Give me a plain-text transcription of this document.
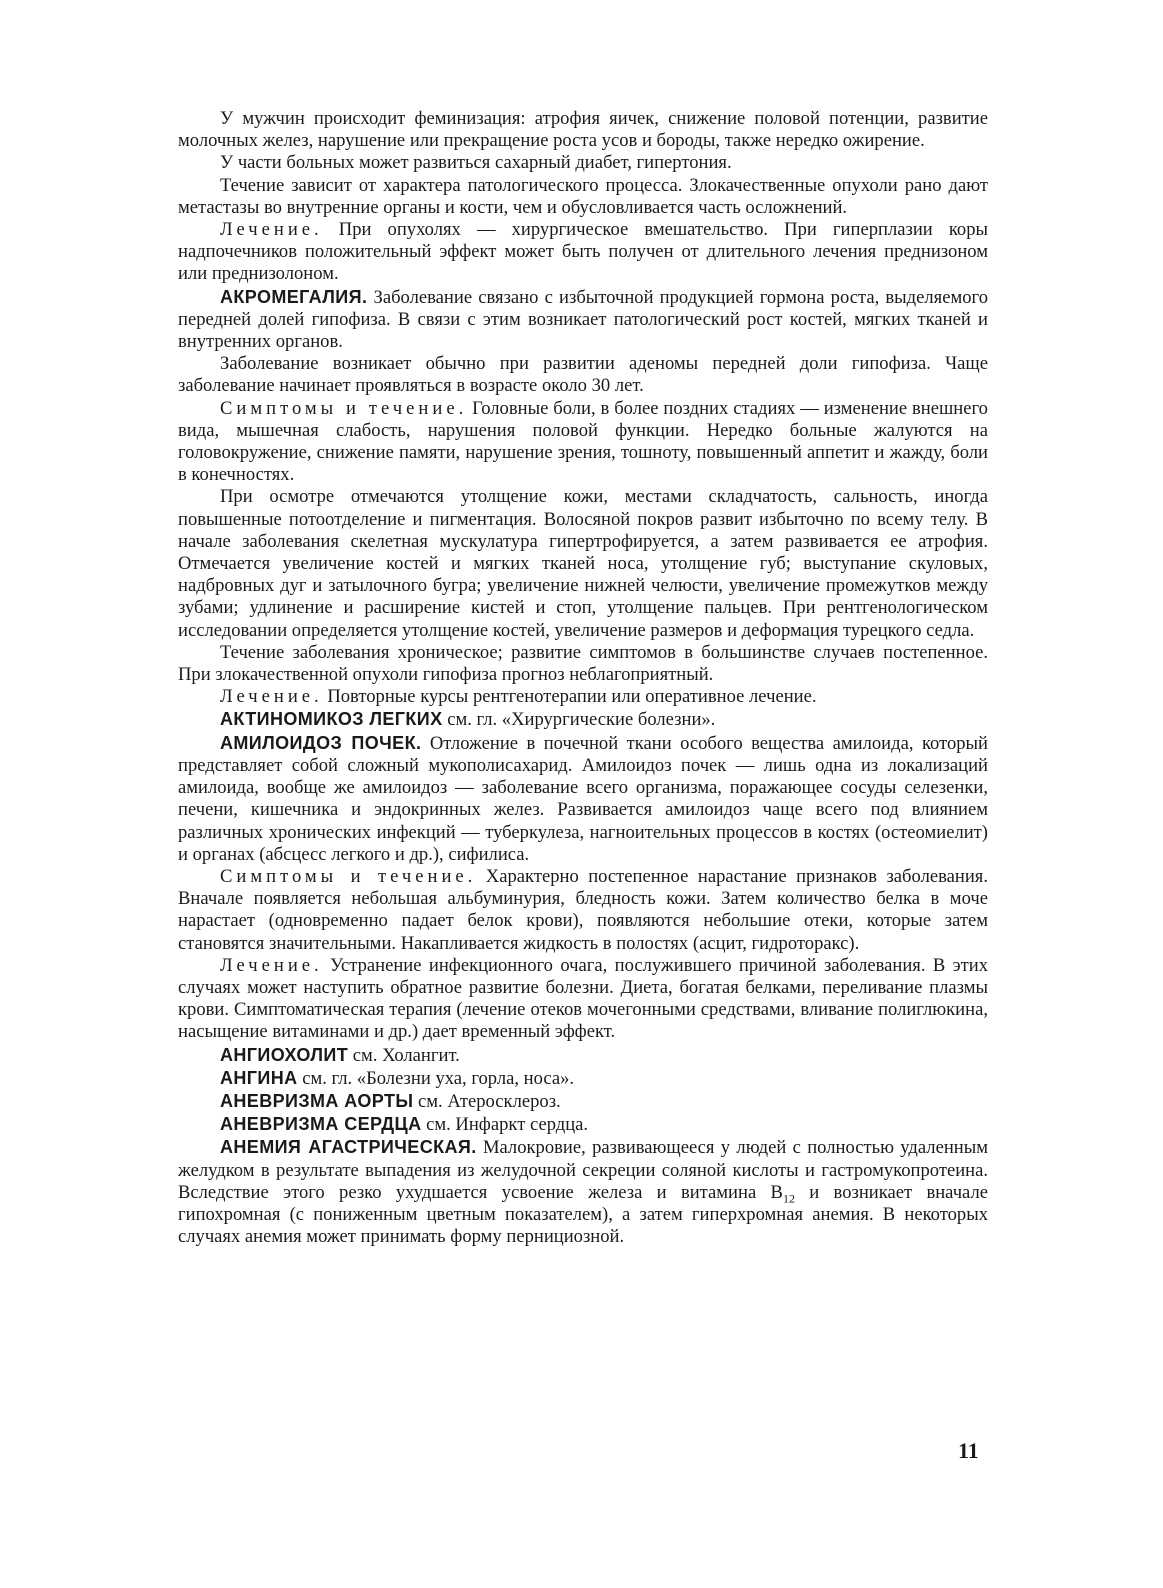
У мужчин происходит феминизация: атрофия яичек, снижение половой потенции, развитие молочных желез, нарушение или прекращение роста усов и бороды, также нередко ожирение.

У части больных может развиться сахарный диабет, гипертония.

Течение зависит от характера патологического процесса. Злокачественные опухоли рано дают метастазы во внутренние органы и кости, чем и обусловливается часть осложнений.

Лечение. При опухолях — хирургическое вмешательство. При гиперплазии коры надпочечников положительный эффект может быть получен от длительного лечения преднизоном или преднизолоном.

АКРОМЕГАЛИЯ. Заболевание связано с избыточной продукцией гормона роста, выделяемого передней долей гипофиза. В связи с этим возникает патологический рост костей, мягких тканей и внутренних органов.

Заболевание возникает обычно при развитии аденомы передней доли гипофиза. Чаще заболевание начинает проявляться в возрасте около 30 лет.

Симптомы и течение. Головные боли, в более поздних стадиях — изменение внешнего вида, мышечная слабость, нарушения половой функции. Нередко больные жалуются на головокружение, снижение памяти, нарушение зрения, тошноту, повышенный аппетит и жажду, боли в конечностях.

При осмотре отмечаются утолщение кожи, местами складчатость, сальность, иногда повышенные потоотделение и пигментация. Волосяной покров развит избыточно по всему телу. В начале заболевания скелетная мускулатура гипертрофируется, а затем развивается ее атрофия. Отмечается увеличение костей и мягких тканей носа, утолщение губ; выступание скуловых, надбровных дуг и затылочного бугра; увеличение нижней челюсти, увеличение промежутков между зубами; удлинение и расширение кистей и стоп, утолщение пальцев. При рентгенологическом исследовании определяется утолщение костей, увеличение размеров и деформация турецкого седла.

Течение заболевания хроническое; развитие симптомов в большинстве случаев постепенное. При злокачественной опухоли гипофиза прогноз неблагоприятный.

Лечение. Повторные курсы рентгенотерапии или оперативное лечение.

АКТИНОМИКОЗ ЛЕГКИХ см. гл. «Хирургические болезни».

АМИЛОИДОЗ ПОЧЕК. Отложение в почечной ткани особого вещества амилоида, который представляет собой сложный мукополисахарид. Амилоидоз почек — лишь одна из локализаций амилоида, вообще же амилоидоз — заболевание всего организма, поражающее сосуды селезенки, печени, кишечника и эндокринных желез. Развивается амилоидоз чаще всего под влиянием различных хронических инфекций — туберкулеза, нагноительных процессов в костях (остеомиелит) и органах (абсцесс легкого и др.), сифилиса.

Симптомы и течение. Характерно постепенное нарастание признаков заболевания. Вначале появляется небольшая альбуминурия, бледность кожи. Затем количество белка в моче нарастает (одновременно падает белок крови), появляются небольшие отеки, которые затем становятся значительными. Накапливается жидкость в полостях (асцит, гидроторакс).

Лечение. Устранение инфекционного очага, послужившего причиной заболевания. В этих случаях может наступить обратное развитие болезни. Диета, богатая белками, переливание плазмы крови. Симптоматическая терапия (лечение отеков мочегонными средствами, вливание полиглюкина, насыщение витаминами и др.) дает временный эффект.

АНГИОХОЛИТ см. Холангит.

АНГИНА см. гл. «Болезни уха, горла, носа».

АНЕВРИЗМА АОРТЫ см. Атеросклероз.

АНЕВРИЗМА СЕРДЦА см. Инфаркт сердца.

АНЕМИЯ АГАСТРИЧЕСКАЯ. Малокровие, развивающееся у людей с полностью удаленным желудком в результате выпадения из желудочной секреции соляной кислоты и гастромукопротеина. Вследствие этого резко ухудшается усвоение железа и витамина $B_{12}$ и возникает вначале гипохромная (с пониженным цветным показателем), а затем гиперхромная анемия. В некоторых случаях анемия может принимать форму пернициозной.

11
